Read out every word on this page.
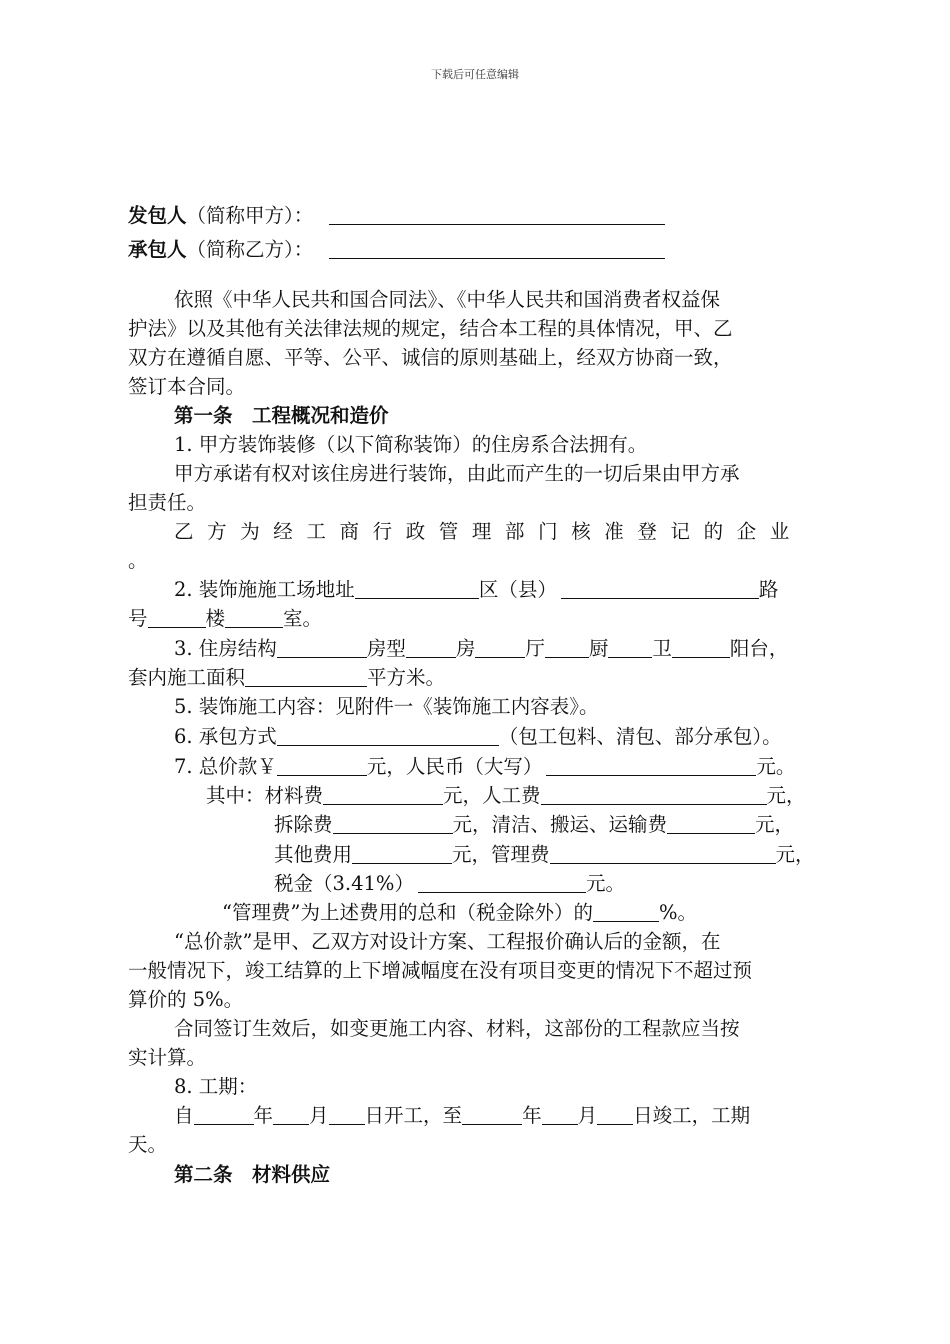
下载后可任意编辑
发包人（简称甲方）：
承包人（简称乙方）：
依照《中华人民共和国合同法》、《中华人民共和国消费者权益保
护法》以及其他有关法律法规的规定，结合本工程的具体情况，甲、乙
双方在遵循自愿、平等、公平、诚信的原则基础上，经双方协商一致，
签订本合同。
第一条　工程概况和造价
1. 甲方装饰装修（以下简称装饰）的住房系合法拥有。
甲方承诺有权对该住房进行装饰，由此而产生的一切后果由甲方承
担责任。
乙方为经工商行政管理部门核准登记的企业
。
2. 装饰施施工场地址	区（县）	路
号	楼	室。
3. 住房结构	房型	房	厅 厨 卫	阳台，
套内施工面积	平方米。
5. 装饰施工内容：见附件一《装饰施工内容表》。
6. 承包方式	（包工包料、清包、部分承包）。
7. 总价款￥	元，人民币（大写）	元。
其中：材料费	元，人工费	元，
拆除费	元，清洁、搬运、运输费	元，
其他费用	元，管理费	元，
税金（3.41%）	元。
“管理费”为上述费用的总和（税金除外）的	%。
“总价款”是甲、乙双方对设计方案、工程报价确认后的金额，在
一般情况下，竣工结算的上下增减幅度在没有项目变更的情况下不超过预
算价的 5%。
合同签订生效后，如变更施工内容、材料，这部份的工程款应当按
实计算。
8. 工期：
自	年 月 日开工，至	年 月 日竣工，工期
天。
第二条　材料供应
